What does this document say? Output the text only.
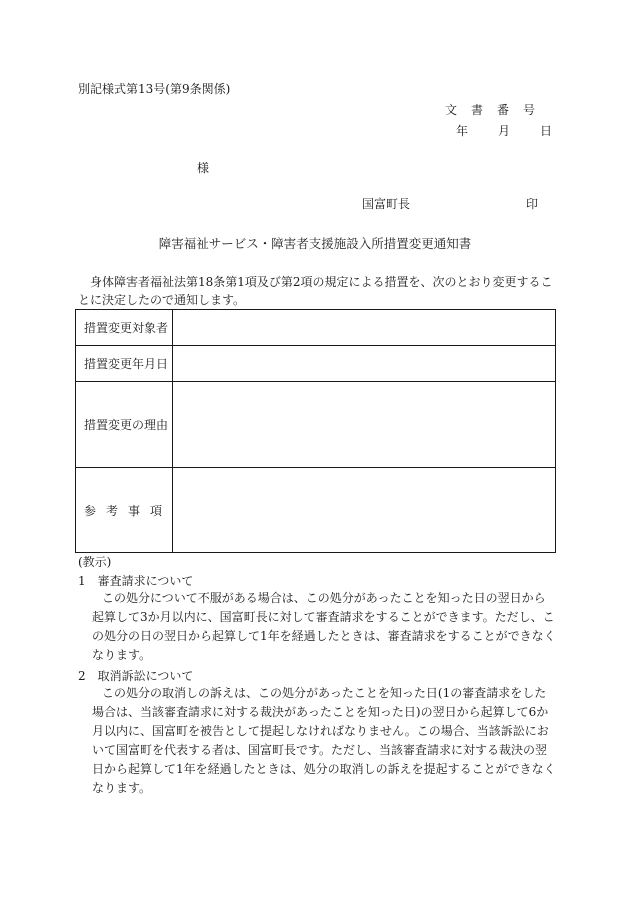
別記様式第13号(第9条関係)
文書番号
年 月 日
様
国富町長	印
障害福祉サービス・障害者支援施設入所措置変更通知書
身体障害者福祉法第18条第1項及び第2項の規定による措置を、次のとおり変更することに決定したので通知します。
措置変更対象者	
措置変更年月日	
措置変更の理由	
参考事項	
(教示)
1　審査請求について
この処分について不服がある場合は、この処分があったことを知った日の翌日から起算して3か月以内に、国富町長に対して審査請求をすることができます。ただし、この処分の日の翌日から起算して1年を経過したときは、審査請求をすることができなくなります。
2　取消訴訟について
この処分の取消しの訴えは、この処分があったことを知った日(1の審査請求をした場合は、当該審査請求に対する裁決があったことを知った日)の翌日から起算して6か月以内に、国富町を被告として提起しなければなりません。この場合、当該訴訟において国富町を代表する者は、国富町長です。ただし、当該審査請求に対する裁決の翌日から起算して1年を経過したときは、処分の取消しの訴えを提起することができなくなります。
